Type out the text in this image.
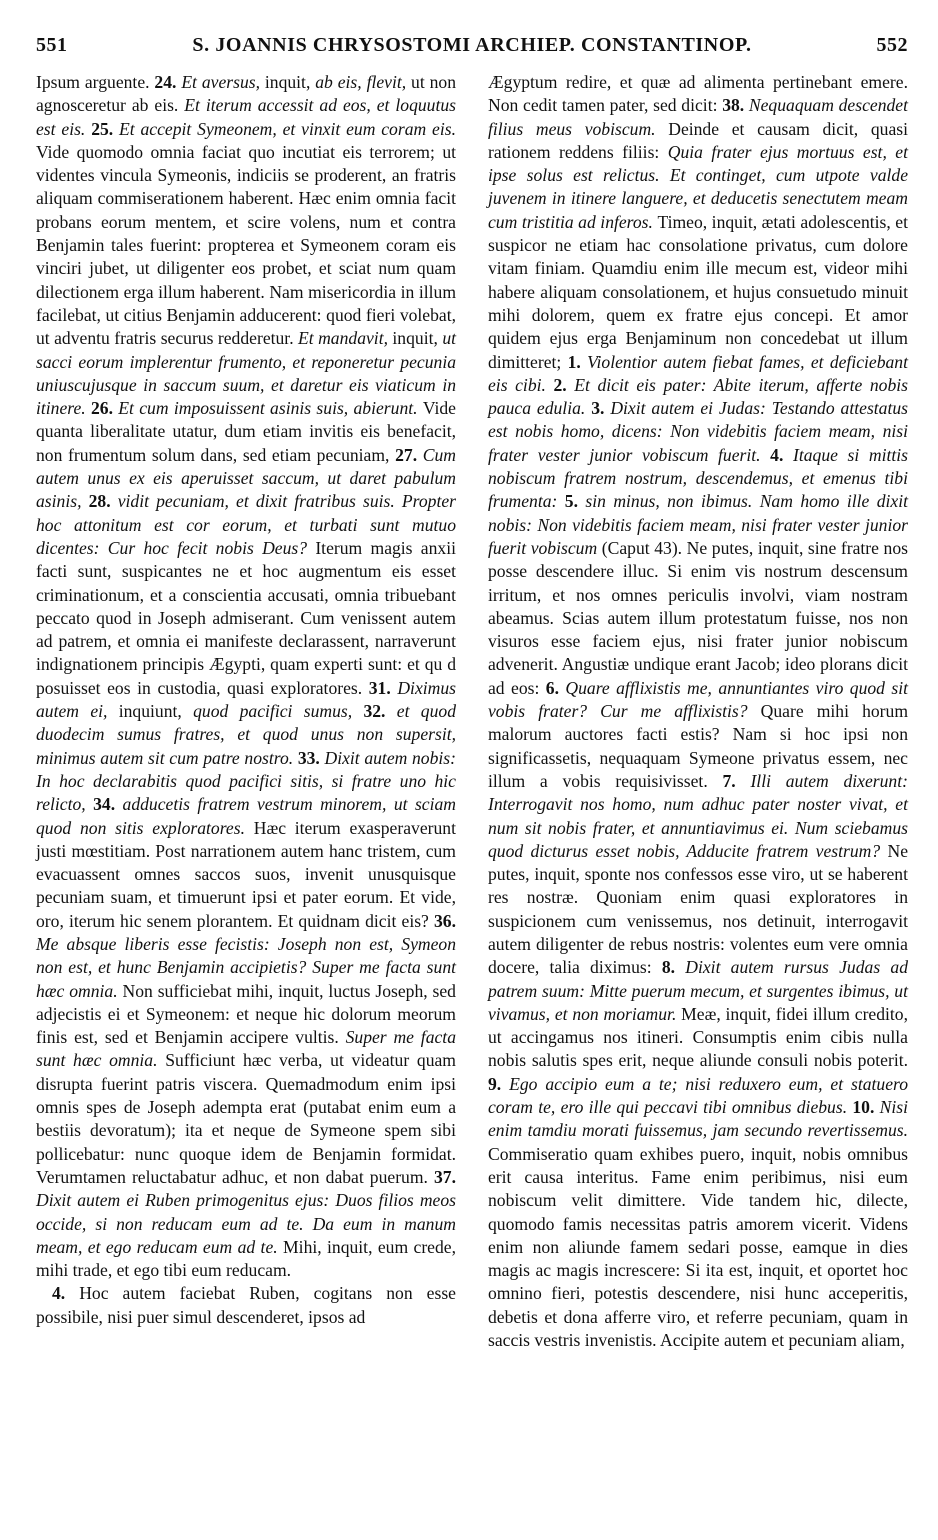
551	S. JOANNIS CHRYSOSTOMI ARCHIEP. CONSTANTINOP.	552

Ipsum arguente. 24. Et aversus, inquit, ab eis, flevit, ut non agnosceretur ab eis. Et iterum accessit ad eos, et loquutus est eis. 25. Et accepit Symeonem, et vinxit eum coram eis. Vide quomodo omnia faciat quo incutiat eis terrorem; ut videntes vincula Symeonis, indiciis se proderent, an fratris aliquam commiserationem haberent. Hæc enim omnia facit probans eorum mentem, et scire volens, num et contra Benjamin tales fuerint: propterea et Symeonem coram eis vinciri jubet, ut diligenter eos probet, et sciat num quam dilectionem erga illum haberent. Nam misericordia in illum facilebat, ut citius Benjamin adducerent: quod fieri volebat, ut adventu fratris securus redderetur. Et mandavit, inquit, ut sacci eorum implerentur frumento, et reponeretur pecunia uniuscujusque in saccum suum, et daretur eis viaticum in itinere. 26. Et cum imposuissent asinis suis, abierunt. Vide quanta liberalitate utatur, dum etiam invitis eis benefacit, non frumentum solum dans, sed etiam pecuniam, 27. Cum autem unus ex eis aperuisset saccum, ut daret pabulum asinis, 28. vidit pecuniam, et dixit fratribus suis. Propter hoc attonitum est cor eorum, et turbati sunt mutuo dicentes: Cur hoc fecit nobis Deus? Iterum magis anxii facti sunt, suspicantes ne et hoc augmentum eis esset criminationum, et a conscientia accusati, omnia tribuebant peccato quod in Joseph admiserant. Cum venissent autem ad patrem, et omnia ei manifeste declarassent, narraverunt indignationem principis Ægypti, quam experti sunt: et qu d posuisset eos in custodia, quasi exploratores. 31. Diximus autem ei, inquiunt, quod pacifici sumus, 32. et quod duodecim sumus fratres, et quod unus non supersit, minimus autem sit cum patre nostro. 33. Dixit autem nobis: In hoc declarabitis quod pacifici sitis, si fratre uno hic relicto, 34. adducetis fratrem vestrum minorem, ut sciam quod non sitis exploratores. Hæc iterum exasperaverunt justi mœstitiam. Post narrationem autem hanc tristem, cum evacuassent omnes saccos suos, invenit unusquisque pecuniam suam, et timuerunt ipsi et pater eorum. Et vide, oro, iterum hic senem plorantem. Et quidnam dicit eis? 36. Me absque liberis esse fecistis: Joseph non est, Symeon non est, et hunc Benjamin accipietis? Super me facta sunt hæc omnia. Non sufficiebat mihi, inquit, luctus Joseph, sed adjecistis ei et Symeonem: et neque hic dolorum meorum finis est, sed et Benjamin accipere vultis. Super me facta sunt hæc omnia. Sufficiunt hæc verba, ut videatur quam disrupta fuerint patris viscera. Quemadmodum enim ipsi omnis spes de Joseph adempta erat (putabat enim eum a bestiis devoratum); ita et neque de Symeone spem sibi pollicebatur: nunc quoque idem de Benjamin formidat. Verumtamen reluctabatur adhuc, et non dabat puerum. 37. Dixit autem ei Ruben primogenitus ejus: Duos filios meos occide, si non reducam eum ad te. Da eum in manum meam, et ego reducam eum ad te. Mihi, inquit, eum crede, mihi trade, et ego tibi eum reducam.

4. Hoc autem faciebat Ruben, cogitans non esse possibile, nisi puer simul descenderet, ipsos ad

Ægyptum redire, et quæ ad alimenta pertinebant emere. Non cedit tamen pater, sed dicit: 38. Nequaquam descendet filius meus vobiscum. Deinde et causam dicit, quasi rationem reddens filiis: Quia frater ejus mortuus est, et ipse solus est relictus. Et continget, cum utpote valde juvenem in itinere languere, et deducetis senectutem meam cum tristitia ad inferos. Timeo, inquit, ætati adolescentis, et suspicor ne etiam hac consolatione privatus, cum dolore vitam finiam. Quamdiu enim ille mecum est, videor mihi habere aliquam consolationem, et hujus consuetudo minuit mihi dolorem, quem ex fratre ejus concepi. Et amor quidem ejus erga Benjaminum non concedebat ut illum dimitteret; 1. Violentior autem fiebat fames, et deficiebant eis cibi. 2. Et dicit eis pater: Abite iterum, afferte nobis pauca edulia. 3. Dixit autem ei Judas: Testando attestatus est nobis homo, dicens: Non videbitis faciem meam, nisi frater vester junior vobiscum fuerit. 4. Itaque si mittis nobiscum fratrem nostrum, descendemus, et emenus tibi frumenta: 5. sin minus, non ibimus. Nam homo ille dixit nobis: Non videbitis faciem meam, nisi frater vester junior fuerit vobiscum (Caput 43). Ne putes, inquit, sine fratre nos posse descendere illuc. Si enim vis nostrum descensum irritum, et nos omnes periculis involvi, viam nostram abeamus. Scias autem illum protestatum fuisse, nos non visuros esse faciem ejus, nisi frater junior nobiscum advenerit. Angustiæ undique erant Jacob; ideo plorans dicit ad eos: 6. Quare afflixistis me, annuntiantes viro quod sit vobis frater? Cur me afflixistis? Quare mihi horum malorum auctores facti estis? Nam si hoc ipsi non significassetis, nequaquam Symeone privatus essem, nec illum a vobis requisivisset. 7. Illi autem dixerunt: Interrogavit nos homo, num adhuc pater noster vivat, et num sit nobis frater, et annuntiavimus ei. Num sciebamus quod dicturus esset nobis, Adducite fratrem vestrum? Ne putes, inquit, sponte nos confessos esse viro, ut se haberent res nostræ. Quoniam enim quasi exploratores in suspicionem cum venissemus, nos detinuit, interrogavit autem diligenter de rebus nostris: volentes eum vere omnia docere, talia diximus: 8. Dixit autem rursus Judas ad patrem suum: Mitte puerum mecum, et surgentes ibimus, ut vivamus, et non moriamur. Meæ, inquit, fidei illum credito, ut accingamus nos itineri. Consumptis enim cibis nulla nobis salutis spes erit, neque aliunde consuli nobis poterit. 9. Ego accipio eum a te; nisi reduxero eum, et statuero coram te, ero ille qui peccavi tibi omnibus diebus. 10. Nisi enim tamdiu morati fuissemus, jam secundo revertissemus. Commiseratio quam exhibes puero, inquit, nobis omnibus erit causa interitus. Fame enim peribimus, nisi eum nobiscum velit dimittere. Vide tandem hic, dilecte, quomodo famis necessitas patris amorem vicerit. Videns enim non aliunde famem sedari posse, eamque in dies magis ac magis increscere: Si ita est, inquit, et oportet hoc omnino fieri, potestis descendere, nisi hunc acceperitis, debetis et dona afferre viro, et referre pecuniam, quam in saccis vestris invenistis. Accipite autem et pecuniam aliam,
